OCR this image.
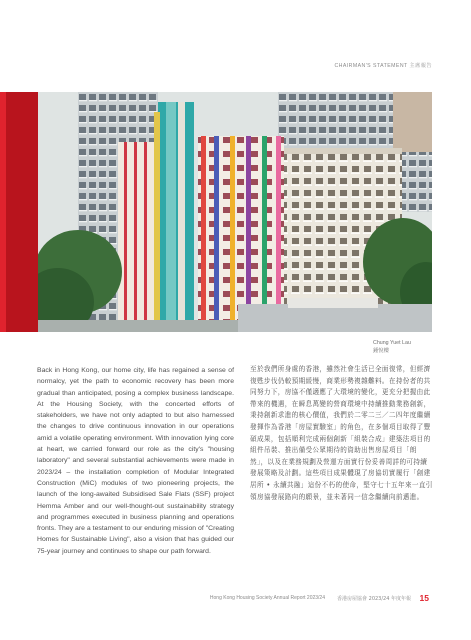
CHAIRMAN'S STATEMENT 主席報告
Chung Yuet Lau
鍾悅樓
Back in Hong Kong, our home city, life has regained a sense of normalcy, yet the path to economic recovery has been more gradual than anticipated, posing a complex business landscape. At the Housing Society, with the concerted efforts of stakeholders, we have not only adapted to but also harnessed the changes to drive continuous innovation in our operations amid a volatile operating environment. With innovation lying core at heart, we carried forward our role as the city's "housing laboratory" and several substantial achievements were made in 2023/24 – the installation completion of Modular Integrated Construction (MiC) modules of two pioneering projects, the launch of the long-awaited Subsidised Sale Flats (SSF) project Hemma Amber and our well-thought-out sustainability strategy and programmes executed in business planning and operations fronts. They are a testament to our enduring mission of "Creating Homes for Sustainable Living", also a vision that has guided our 75-year journey and continues to shape our path forward.
至於我們所身處的香港，雖然社會生活已全面復常，但經濟復甦步伐仍較預期緩慢，商業形勢複雜難料。在持份者的共同努力下，房協不僅適應了大環境的變化，更充分把握由此帶來的機遇，在瞬息萬變的營商環境中持續推動業務創新，秉持創新求進的核心價值，我們於二零二三／二四年度繼續發揮作為香港「房屋實驗室」的角色，在多個項目取得了豐碩成果，包括順利完成兩個創新「組裝合成」建築法項目的組件吊裝、推出備受公眾期待的資助出售房屋項目「朗然」，以及在業務規劃及營運方面實行份妥善周詳的可持續發展策略及計劃。這些項目成果體現了房協切實履行「創建居所 • 永續共融」這份不朽的使命，堅守七十五年來一直引領房協發展路向的願景，並未著同一信念繼續向前邁進。
Hong Kong Housing Society Annual Report 2023/24 香港房屋協會 2023/24 年度年報 15
